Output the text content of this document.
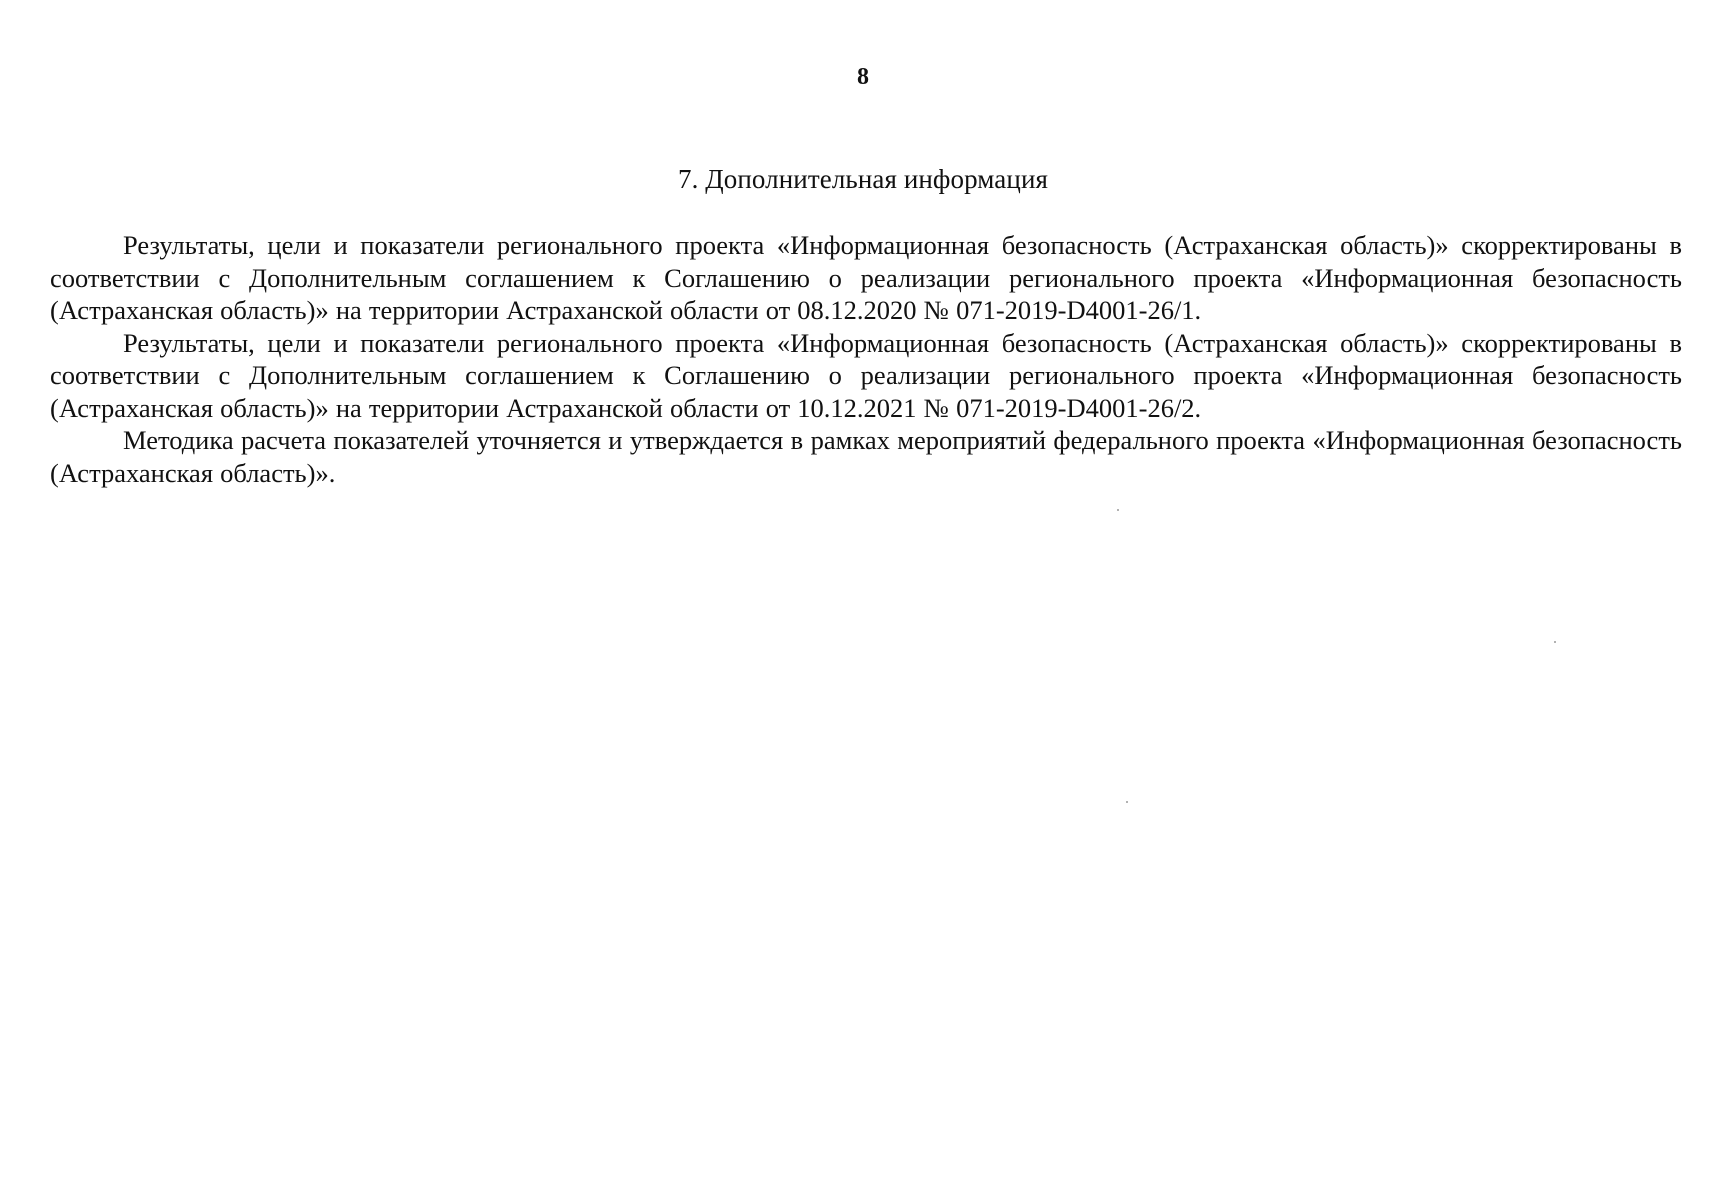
8
7. Дополнительная информация

Результаты, цели и показатели регионального проекта «Информационная безопасность (Астраханская область)» скорректированы в соответствии с Дополнительным соглашением к Соглашению о реализации регионального проекта «Информационная безопасность (Астраханская область)» на территории Астраханской области от 08.12.2020 № 071-2019-D4001-26/1.

Результаты, цели и показатели регионального проекта «Информационная безопасность (Астраханская область)» скорректированы в соответствии с Дополнительным соглашением к Соглашению о реализации регионального проекта «Информационная безопасность (Астраханская область)» на территории Астраханской области от 10.12.2021 № 071-2019-D4001-26/2.

Методика расчета показателей уточняется и утверждается в рамках мероприятий федерального проекта «Информационная безопасность (Астраханская область)».
